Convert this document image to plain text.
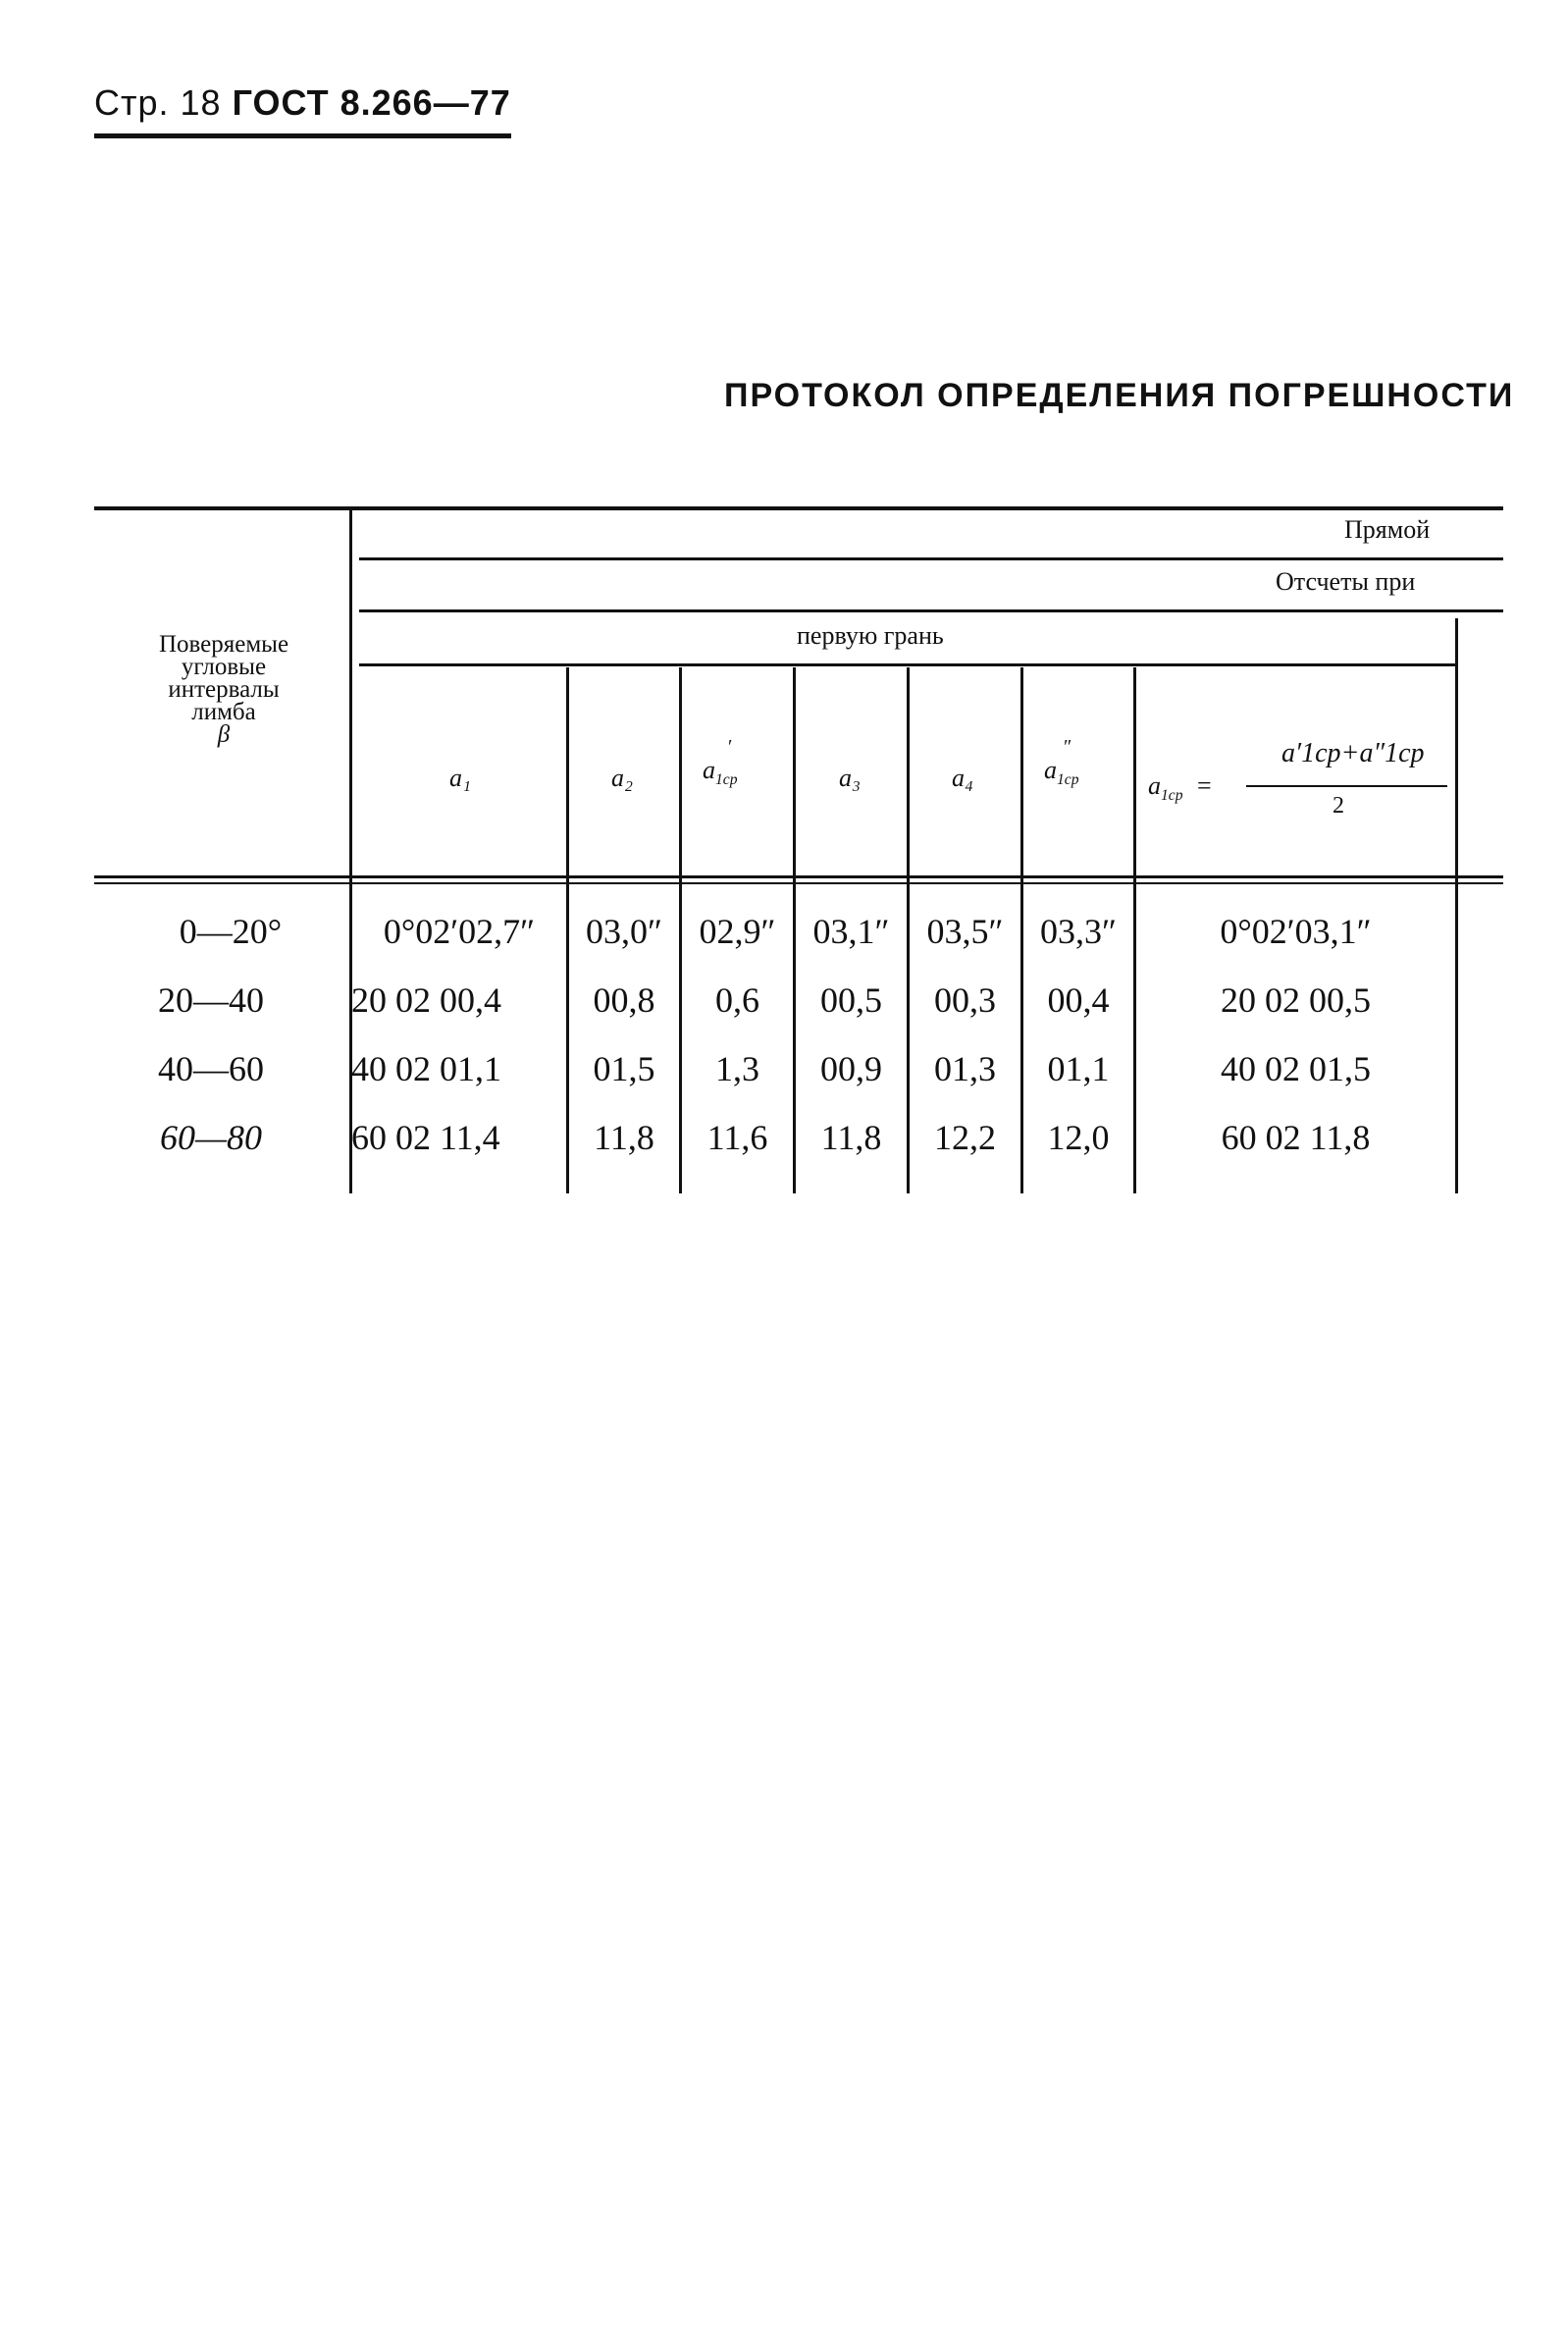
Стр. 18 ГОСТ 8.266—77
ПРОТОКОЛ ОПРЕДЕЛЕНИЯ ПОГРЕШНОСТИ
Поверяемые
угловые
интервалы
лимба
β
Прямой
Отсчеты при
первую грань
a₁	a₂
′
$a_{1ср}$	a₃	a₄
″
$a_{1ср}$	$a_{1ср}$ =
a′1ср+a″1ср
2
0—20°	0°02′02,7″	03,0″	02,9″	03,1″	03,5″	03,3″	0°02′03,1″
20—40	20 02 00,4	00,8	0,6	00,5	00,3	00,4	20 02 00,5
40—60	40 02 01,1	01,5	1,3	00,9	01,3	01,1	40 02 01,5
60—80	60 02 11,4	11,8	11,6	11,8	12,2	12,0	60 02 11,8
